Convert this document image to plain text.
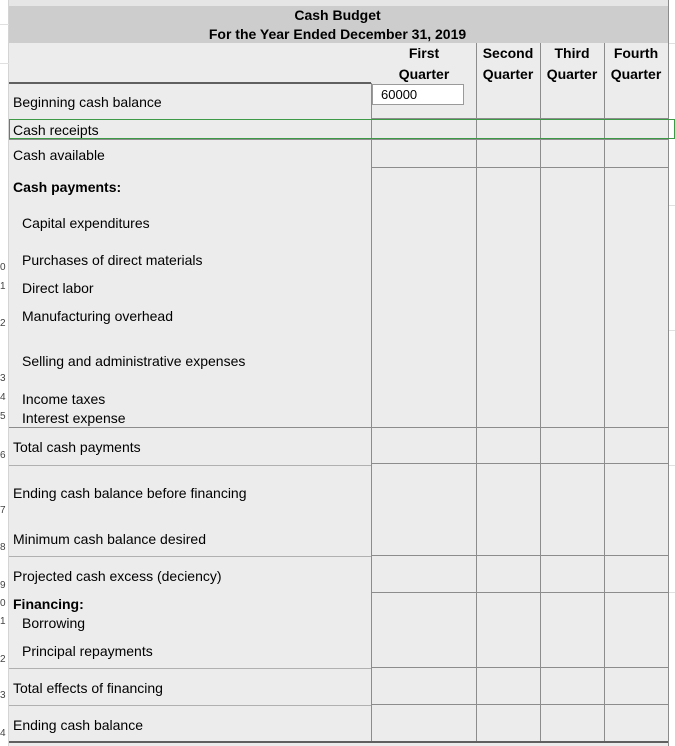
0
1
2
3
4
5
6
7
8
9
0
1
2
3
4
Cash Budget
For the Year Ended December 31, 2019
First
Quarter
Second
Quarter
Third
Quarter
Fourth
Quarter
60000
Beginning cash balance
Cash receipts
Cash available
Cash payments:
Capital expenditures
Purchases of direct materials
Direct labor
Manufacturing overhead
Selling and administrative expenses
Income taxes
Interest expense
Total cash payments
Ending cash balance before financing
Minimum cash balance desired
Projected cash excess (deciency)
Financing:
Borrowing
Principal repayments
Total effects of financing
Ending cash balance
